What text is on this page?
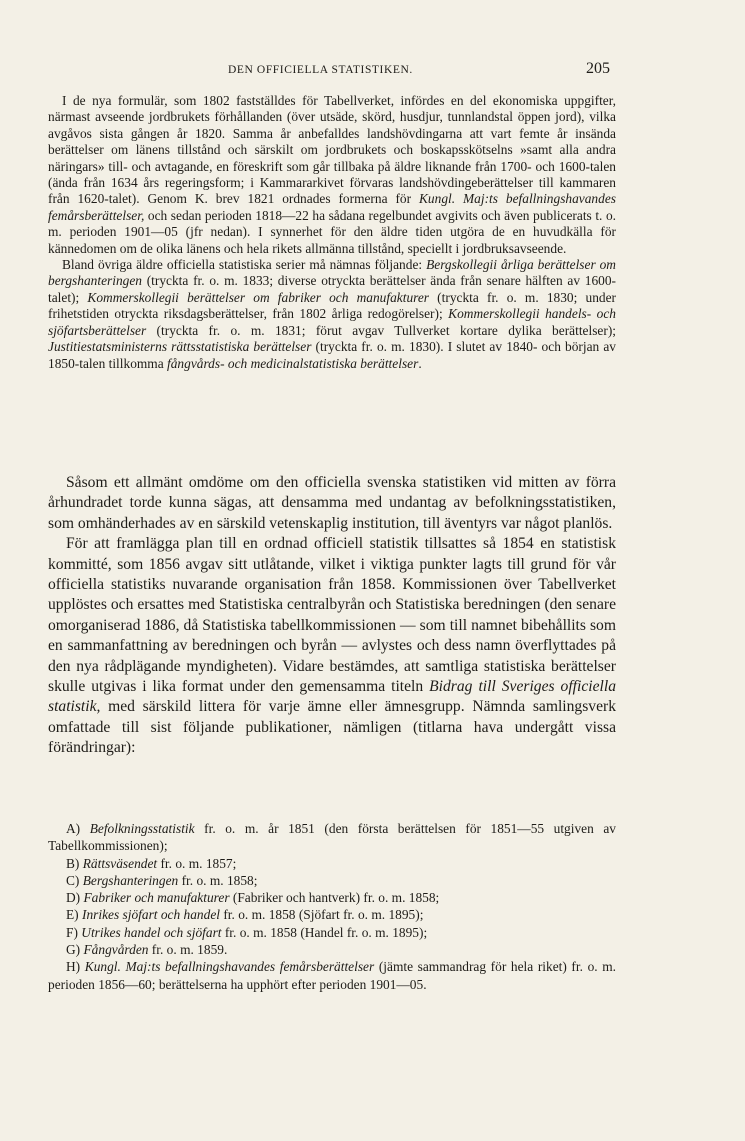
DEN OFFICIELLA STATISTIKEN.	205

I de nya formulär, som 1802 fastställdes för Tabellverket, infördes en del ekonomiska uppgifter, närmast avseende jordbrukets förhållanden (över utsäde, skörd, husdjur, tunnlandstal öppen jord), vilka avgåvos sista gången år 1820. Samma år anbefalldes landshövdingarna att vart femte år insända berättelser om länens tillstånd och särskilt om jordbrukets och boskapsskötselns »samt alla andra näringars» till- och avtagande, en föreskrift som går tillbaka på äldre liknande från 1700- och 1600-talen (ända från 1634 års regeringsform; i Kammararkivet förvaras landshövdingeberättelser till kammaren från 1620-talet). Genom K. brev 1821 ordnades formerna för Kungl. Maj:ts befallningshavandes femårsberättelser, och sedan perioden 1818—22 ha sådana regelbundet avgivits och även publicerats t. o. m. perioden 1901—05 (jfr nedan). I synnerhet för den äldre tiden utgöra de en huvudkälla för kännedomen om de olika länens och hela rikets allmänna tillstånd, speciellt i jordbruksavseende.

Bland övriga äldre officiella statistiska serier må nämnas följande: Bergskollegii årliga berättelser om bergshanteringen (tryckta fr. o. m. 1833; diverse otryckta berättelser ända från senare hälften av 1600-talet); Kommerskollegii berättelser om fabriker och manufakturer (tryckta fr. o. m. 1830; under frihetstiden otryckta riksdagsberättelser, från 1802 årliga redogörelser); Kommerskollegii handels- och sjöfartsberättelser (tryckta fr. o. m. 1831; förut avgav Tullverket kortare dylika berättelser); Justitiestatsministerns rättsstatistiska berättelser (tryckta fr. o. m. 1830). I slutet av 1840- och början av 1850-talen tillkomma fångvårds- och medicinalstatistiska berättelser.

Såsom ett allmänt omdöme om den officiella svenska statistiken vid mitten av förra århundradet torde kunna sägas, att densamma med undantag av befolkningsstatistiken, som omhänderhades av en särskild vetenskaplig institution, till äventyrs var något planlös.

För att framlägga plan till en ordnad officiell statistik tillsattes så 1854 en statistisk kommitté, som 1856 avgav sitt utlåtande, vilket i viktiga punkter lagts till grund för vår officiella statistiks nuvarande organisation från 1858. Kommissionen över Tabellverket upplöstes och ersattes med Statistiska centralbyrån och Statistiska beredningen (den senare omorganiserad 1886, då Statistiska tabellkommissionen — som till namnet bibehållits som en sammanfattning av beredningen och byrån — avlystes och dess namn överflyttades på den nya rådplägande myndigheten). Vidare bestämdes, att samtliga statistiska berättelser skulle utgivas i lika format under den gemensamma titeln Bidrag till Sveriges officiella statistik, med särskild littera för varje ämne eller ämnesgrupp. Nämnda samlingsverk omfattade till sist följande publikationer, nämligen (titlarna hava undergått vissa förändringar):

A) Befolkningsstatistik fr. o. m. år 1851 (den första berättelsen för 1851—55 utgiven av Tabellkommissionen);

B) Rättsväsendet fr. o. m. 1857;

C) Bergshanteringen fr. o. m. 1858;

D) Fabriker och manufakturer (Fabriker och hantverk) fr. o. m. 1858;

E) Inrikes sjöfart och handel fr. o. m. 1858 (Sjöfart fr. o. m. 1895);

F) Utrikes handel och sjöfart fr. o. m. 1858 (Handel fr. o. m. 1895);

G) Fångvården fr. o. m. 1859.

H) Kungl. Maj:ts befallningshavandes femårsberättelser (jämte sammandrag för hela riket) fr. o. m. perioden 1856—60; berättelserna ha upphört efter perioden 1901—05.
